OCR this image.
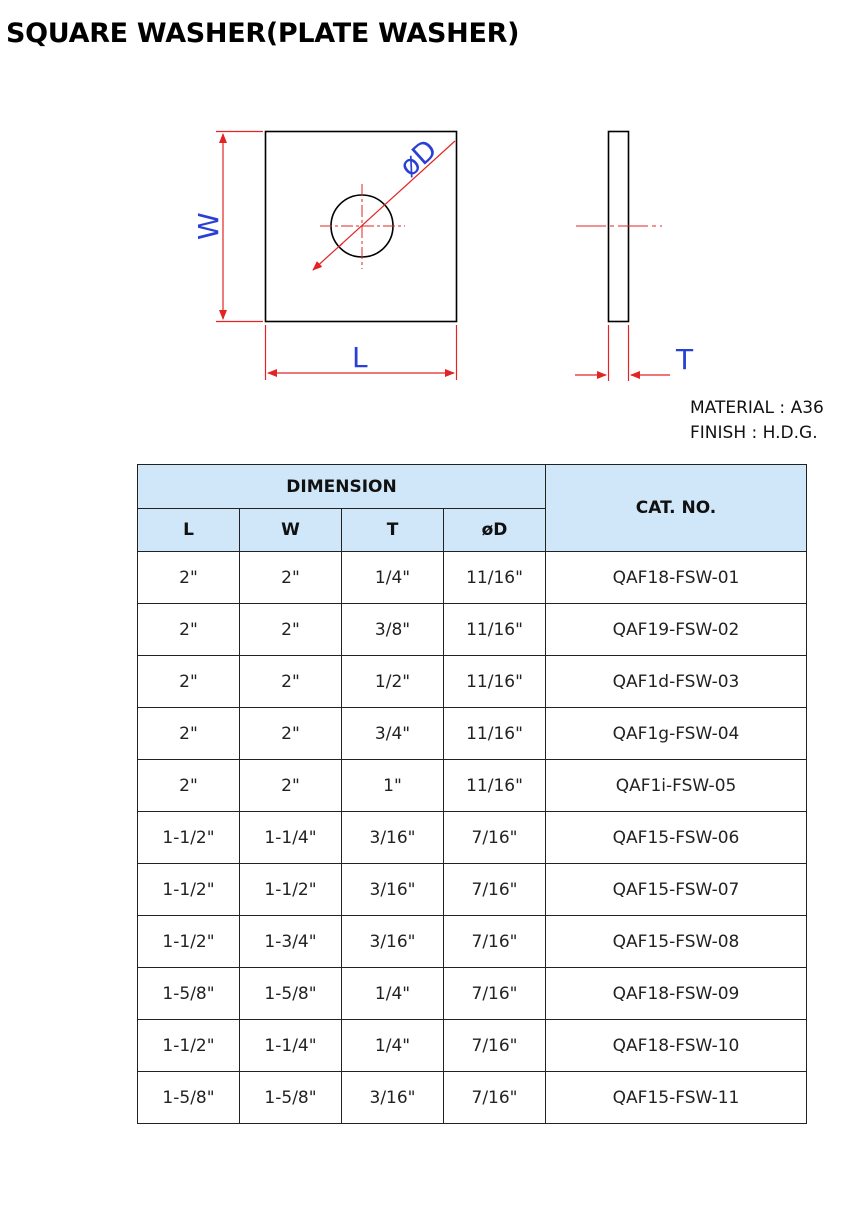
SQUARE WASHER(PLATE WASHER)
øD
W
L	T
MATERIAL : A36
FINISH : H.D.G.
DIMENSION				CAT. NO.
L	W	T	øD	
2"	2"	1/4"	11/16"	QAF18-FSW-01
2"	2"	3/8"	11/16"	QAF19-FSW-02
2"	2"	1/2"	11/16"	QAF1d-FSW-03
2"	2"	3/4"	11/16"	QAF1g-FSW-04
2"	2"	1"	11/16"	QAF1i-FSW-05
1-1/2"	1-1/4"	3/16"	7/16"	QAF15-FSW-06
1-1/2"	1-1/2"	3/16"	7/16"	QAF15-FSW-07
1-1/2"	1-3/4"	3/16"	7/16"	QAF15-FSW-08
1-5/8"	1-5/8"	1/4"	7/16"	QAF18-FSW-09
1-1/2"	1-1/4"	1/4"	7/16"	QAF18-FSW-10
1-5/8"	1-5/8"	3/16"	7/16"	QAF15-FSW-11
